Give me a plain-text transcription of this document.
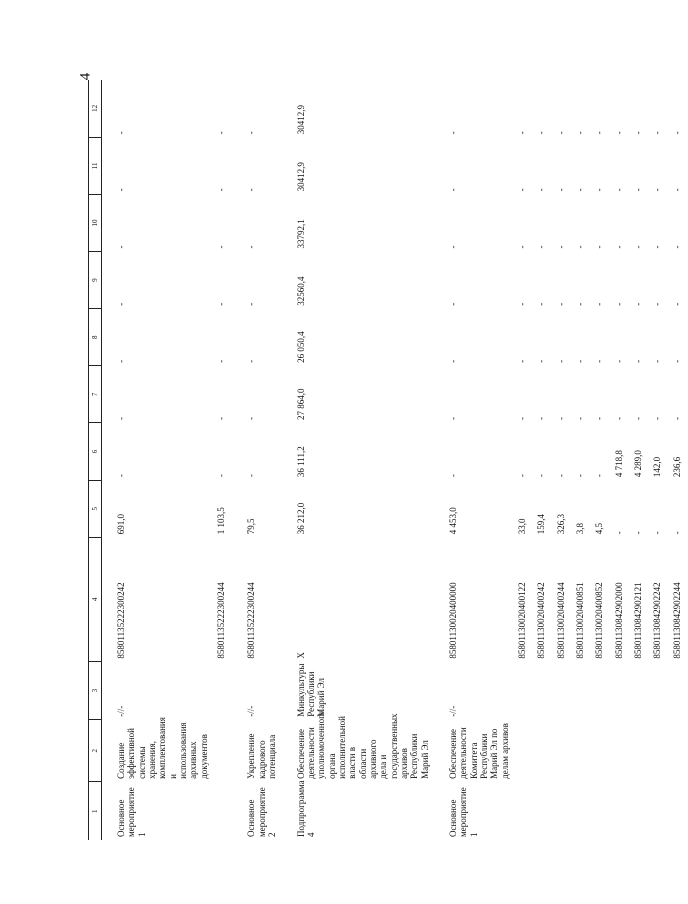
4
1	2	3	4	5	6	7	8	9	10	11	12
Основное мероприятие 1	Создание эффективной системы хранения, комплектования и использования архивных документов	-//-	85801135222300242	691,0	-	-	-	-	-	-	-
			85801135222300244	1 103,5	-	-	-	-	-	-	-
Основное мероприятие 2	Укрепление кадрового потенциала	-//-	85801135222300244	79,5	-	-	-	-	-	-	-
Подпрограмма 4	Обеспечение деятельности уполномоченного органа исполнительной власти в области архивного дела и государственных архивов Республики Марий Эл	Минкультуры Республики Марий Эл	Х	36 212,0	36 111,2	27 864,0	26 050,4	32560,4	33792,1	30412,9	30412,9
Основное мероприятие 1	Обеспечение деятельности Комитета Республики Марий Эл по делам архивов	-//-	85801130020400000	4 453,0	-	-	-	-	-	-	-
			85801130020400122	33,0	-	-	-	-	-	-	-
			85801130020400242	159,4	-	-	-	-	-	-	-
			85801130020400244	326,3	-	-	-	-	-	-	-
			85801130020400851	3,8	-	-	-	-	-	-	-
			85801130020400852	4,5	-	-	-	-	-	-	-
			85801130842902000	-	4 718,8	-	-	-	-	-	-
			85801130842902121	-	4 289,0	-	-	-	-	-	-
			85801130842902242	-	142,0	-	-	-	-	-	-
			85801130842902244	-	236,6	-	-	-	-	-	-
